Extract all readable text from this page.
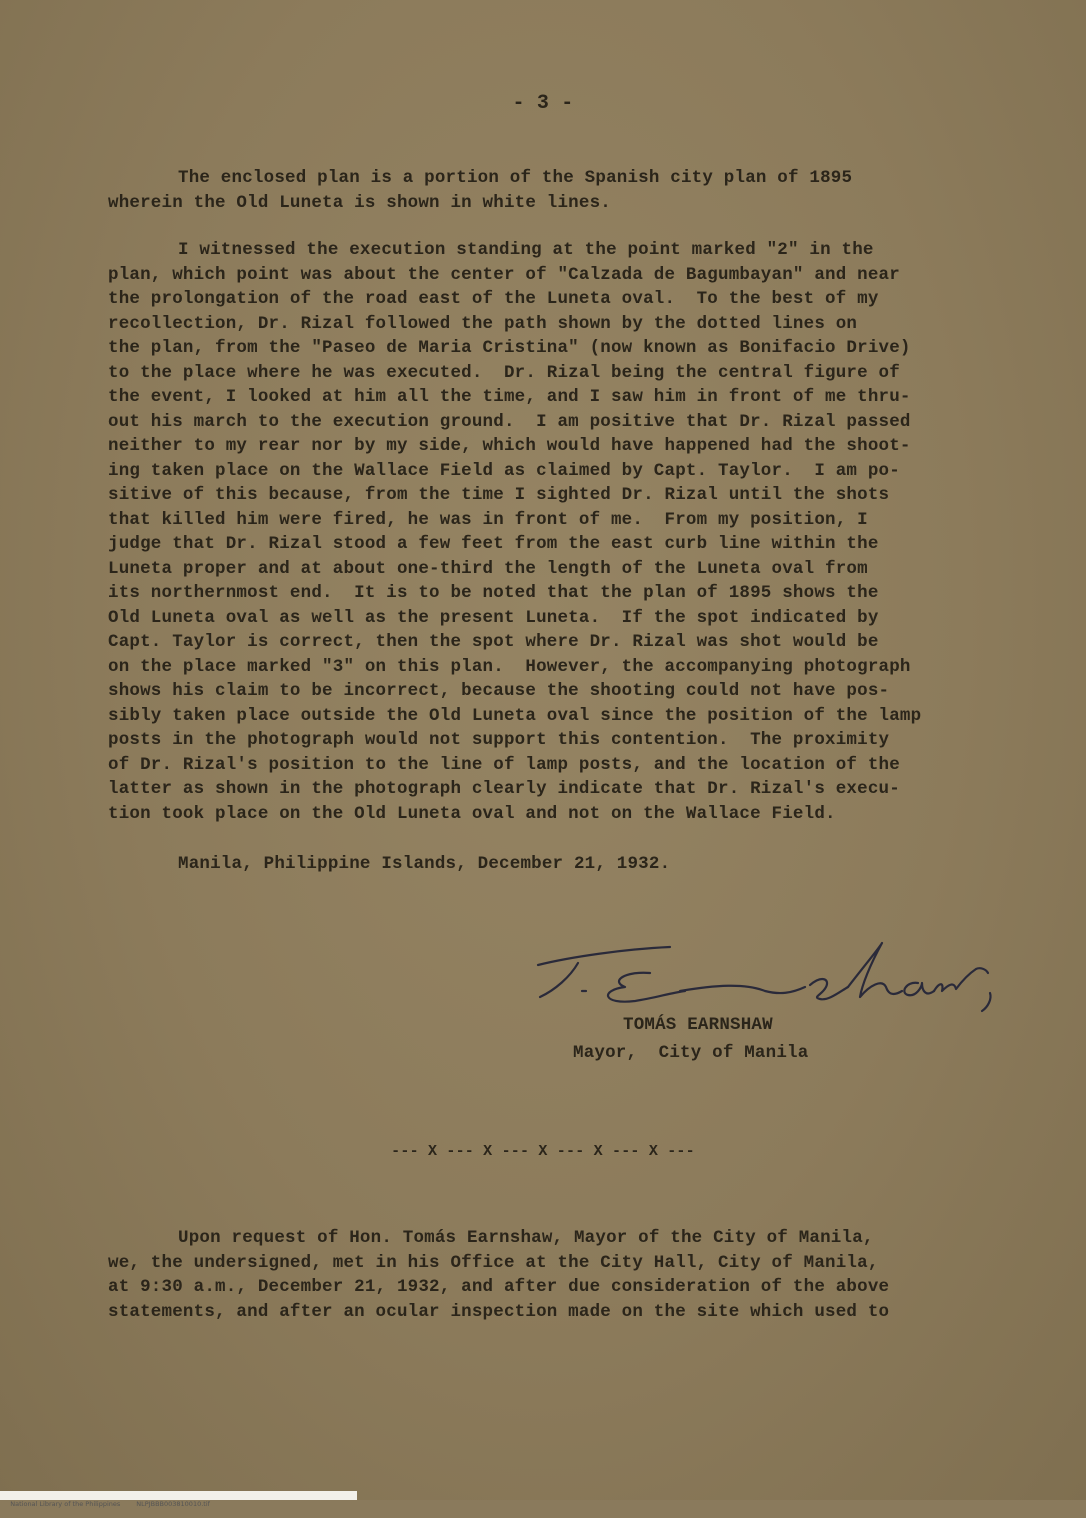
- 3 -
The enclosed plan is a portion of the Spanish city plan of 1895
wherein the Old Luneta is shown in white lines.
I witnessed the execution standing at the point marked "2" in the
plan, which point was about the center of "Calzada de Bagumbayan" and near
the prolongation of the road east of the Luneta oval.  To the best of my
recollection, Dr. Rizal followed the path shown by the dotted lines on
the plan, from the "Paseo de Maria Cristina" (now known as Bonifacio Drive)
to the place where he was executed.  Dr. Rizal being the central figure of
the event, I looked at him all the time, and I saw him in front of me thru-
out his march to the execution ground.  I am positive that Dr. Rizal passed
neither to my rear nor by my side, which would have happened had the shoot-
ing taken place on the Wallace Field as claimed by Capt. Taylor.  I am po-
sitive of this because, from the time I sighted Dr. Rizal until the shots
that killed him were fired, he was in front of me.  From my position, I
judge that Dr. Rizal stood a few feet from the east curb line within the
Luneta proper and at about one-third the length of the Luneta oval from
its northernmost end.  It is to be noted that the plan of 1895 shows the
Old Luneta oval as well as the present Luneta.  If the spot indicated by
Capt. Taylor is correct, then the spot where Dr. Rizal was shot would be
on the place marked "3" on this plan.  However, the accompanying photograph
shows his claim to be incorrect, because the shooting could not have pos-
sibly taken place outside the Old Luneta oval since the position of the lamp
posts in the photograph would not support this contention.  The proximity
of Dr. Rizal's position to the line of lamp posts, and the location of the
latter as shown in the photograph clearly indicate that Dr. Rizal's execu-
tion took place on the Old Luneta oval and not on the Wallace Field.
Manila, Philippine Islands, December 21, 1932.
TOMÁS EARNSHAW
Mayor,  City of Manila
--- X --- X --- X --- X --- X ---
Upon request of Hon. Tomás Earnshaw, Mayor of the City of Manila,
we, the undersigned, met in his Office at the City Hall, City of Manila,
at 9:30 a.m., December 21, 1932, and after due consideration of the above
statements, and after an ocular inspection made on the site which used to

National Library of the Philippines NLPJBBB003810010.tif
